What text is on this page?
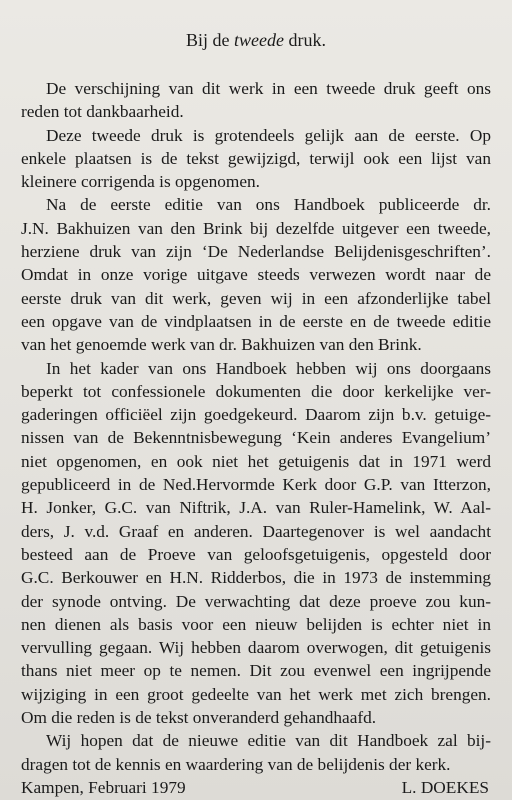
Bij de tweede druk.
De verschijning van dit werk in een tweede druk geeft ons
reden tot dankbaarheid.
Deze tweede druk is grotendeels gelijk aan de eerste. Op
enkele plaatsen is de tekst gewijzigd, terwijl ook een lijst van
kleinere corrigenda is opgenomen.
Na de eerste editie van ons Handboek publiceerde dr.
J.N. Bakhuizen van den Brink bij dezelfde uitgever een tweede,
herziene druk van zijn ‘De Nederlandse Belijdenisgeschriften’.
Omdat in onze vorige uitgave steeds verwezen wordt naar de
eerste druk van dit werk, geven wij in een afzonderlijke tabel
een opgave van de vindplaatsen in de eerste en de tweede editie
van het genoemde werk van dr. Bakhuizen van den Brink.
In het kader van ons Handboek hebben wij ons doorgaans
beperkt tot confessionele dokumenten die door kerkelijke ver-
gaderingen officiëel zijn goedgekeurd. Daarom zijn b.v. getuige-
nissen van de Bekenntnisbewegung ‘Kein anderes Evangelium’
niet opgenomen, en ook niet het getuigenis dat in 1971 werd
gepubliceerd in de Ned.Hervormde Kerk door G.P. van Itterzon,
H. Jonker, G.C. van Niftrik, J.A. van Ruler-Hamelink, W. Aal-
ders, J. v.d. Graaf en anderen. Daartegenover is wel aandacht
besteed aan de Proeve van geloofsgetuigenis, opgesteld door
G.C. Berkouwer en H.N. Ridderbos, die in 1973 de instemming
der synode ontving. De verwachting dat deze proeve zou kun-
nen dienen als basis voor een nieuw belijden is echter niet in
vervulling gegaan. Wij hebben daarom overwogen, dit getuigenis
thans niet meer op te nemen. Dit zou evenwel een ingrijpende
wijziging in een groot gedeelte van het werk met zich brengen.
Om die reden is de tekst onveranderd gehandhaafd.
Wij hopen dat de nieuwe editie van dit Handboek zal bij-
dragen tot de kennis en waardering van de belijdenis der kerk.
Kampen, Februari 1979	L. DOEKES
